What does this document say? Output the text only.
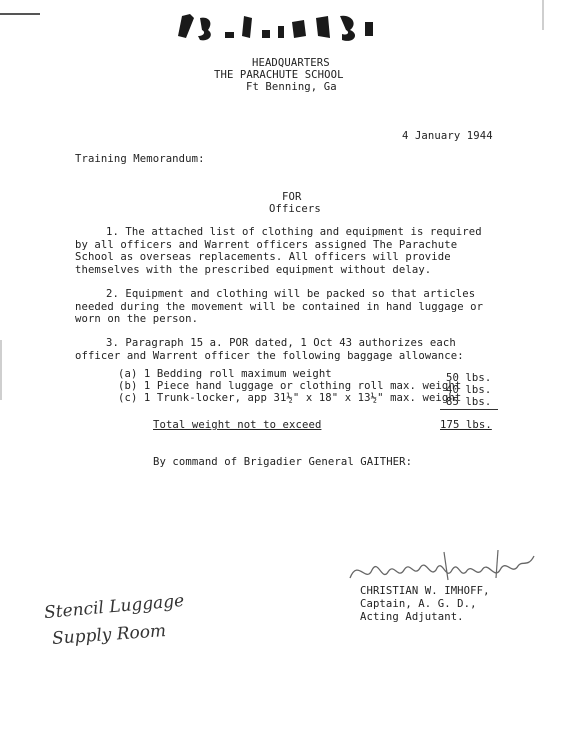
HEADQUARTERS
THE PARACHUTE SCHOOL
Ft Benning, Ga
4 January 1944
Training Memorandum:
FOR
Officers
1. The attached list of clothing and equipment is required by all officers and Warrent officers assigned The Parachute School as overseas replacements. All officers will provide themselves with the prescribed equipment without delay.
2. Equipment and clothing will be packed so that articles needed during the movement will be contained in hand luggage or worn on the person.
3. Paragraph 15 a. POR dated, 1 Oct 43 authorizes each officer and Warrent officer the following baggage allowance:
(a) 1 Bedding roll maximum weight	50 lbs.
(b) 1 Piece hand luggage or clothing roll max. weight
40 lbs.
(c) 1 Trunk-locker, app 31½" x 18" x 13½" max. weight
85 lbs.
Total weight not to exceed	175 lbs.
By command of Brigadier General GAITHER:
CHRISTIAN W. IMHOFF,
Captain, A. G. D.,
Acting Adjutant.
Stencil Luggage
Supply Room
